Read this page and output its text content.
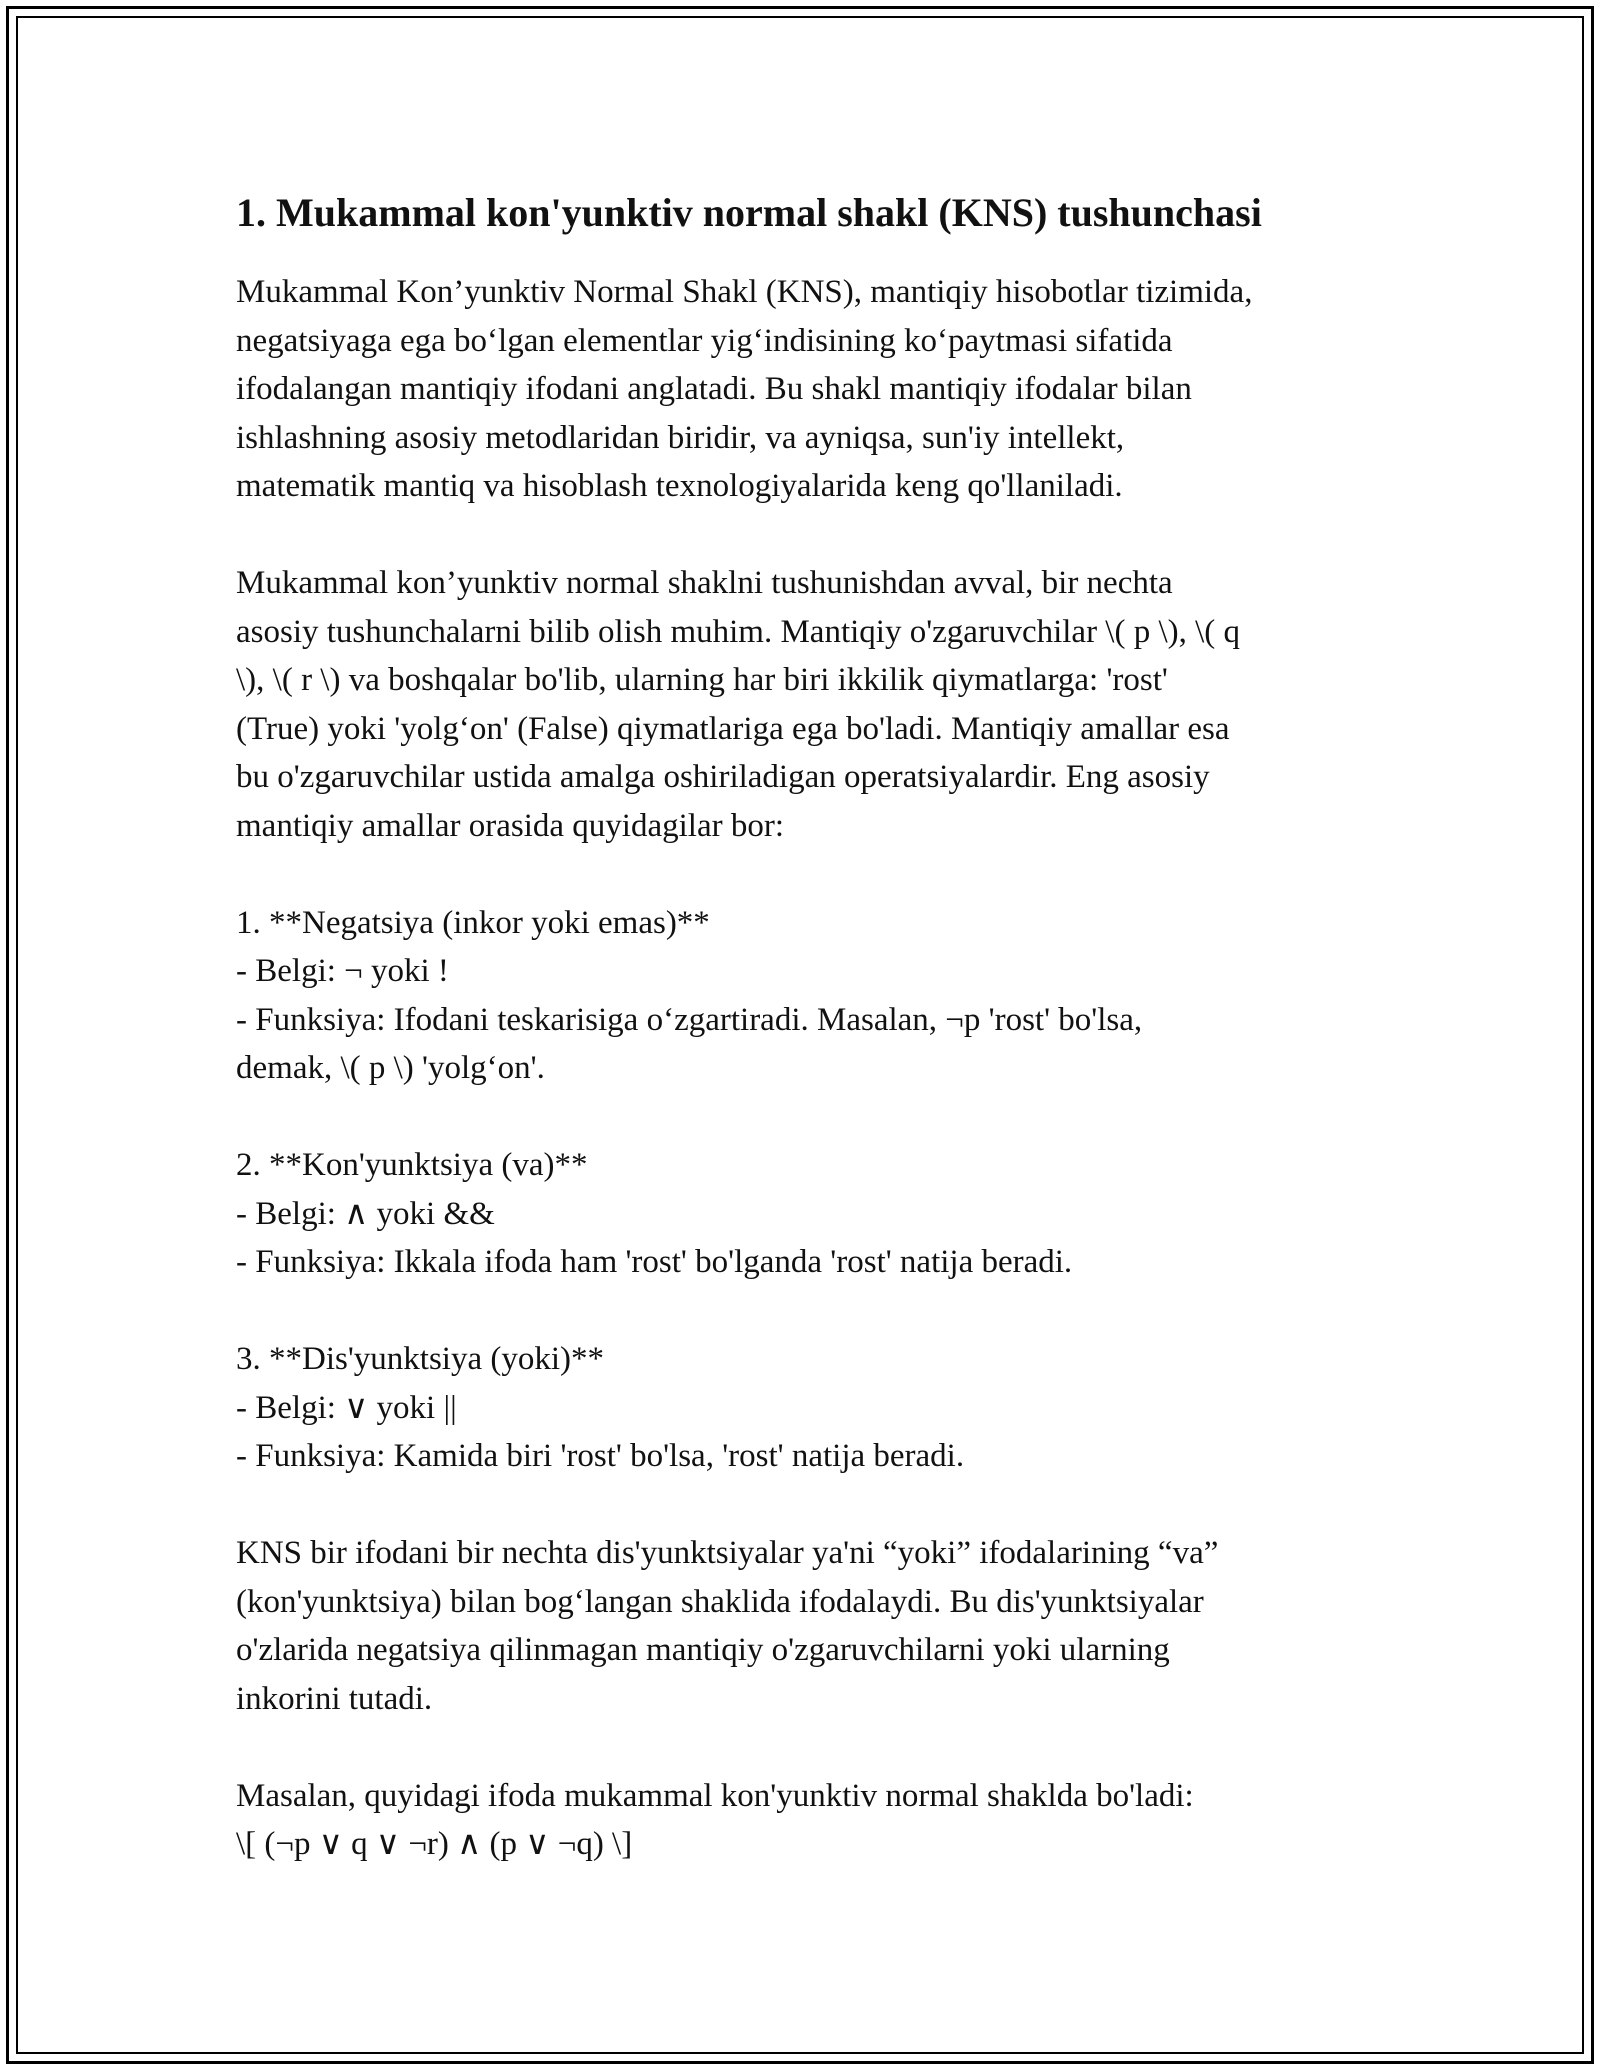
1. Mukammal kon'yunktiv normal shakl (KNS) tushunchasi

Mukammal Kon’yunktiv Normal Shakl (KNS), mantiqiy hisobotlar tizimida,
negatsiyaga ega bo‘lgan elementlar yig‘indisining ko‘paytmasi sifatida
ifodalangan mantiqiy ifodani anglatadi. Bu shakl mantiqiy ifodalar bilan
ishlashning asosiy metodlaridan biridir, va ayniqsa, sun'iy intellekt,
matematik mantiq va hisoblash texnologiyalarida keng qo'llaniladi.

Mukammal kon’yunktiv normal shaklni tushunishdan avval, bir nechta
asosiy tushunchalarni bilib olish muhim. Mantiqiy o'zgaruvchilar \( p \), \( q
\), \( r \) va boshqalar bo'lib, ularning har biri ikkilik qiymatlarga: 'rost'
(True) yoki 'yolg‘on' (False) qiymatlariga ega bo'ladi. Mantiqiy amallar esa
bu o'zgaruvchilar ustida amalga oshiriladigan operatsiyalardir. Eng asosiy
mantiqiy amallar orasida quyidagilar bor:

1. **Negatsiya (inkor yoki emas)**
- Belgi: ¬ yoki !
- Funksiya: Ifodani teskarisiga o‘zgartiradi. Masalan, ¬p 'rost' bo'lsa,
demak, \( p \) 'yolg‘on'.

2. **Kon'yunktsiya (va)**
- Belgi: ∧ yoki &&
- Funksiya: Ikkala ifoda ham 'rost' bo'lganda 'rost' natija beradi.

3. **Dis'yunktsiya (yoki)**
- Belgi: ∨ yoki ||
- Funksiya: Kamida biri 'rost' bo'lsa, 'rost' natija beradi.

KNS bir ifodani bir nechta dis'yunktsiyalar ya'ni “yoki” ifodalarining “va”
(kon'yunktsiya) bilan bog‘langan shaklida ifodalaydi. Bu dis'yunktsiyalar
o'zlarida negatsiya qilinmagan mantiqiy o'zgaruvchilarni yoki ularning
inkorini tutadi.

Masalan, quyidagi ifoda mukammal kon'yunktiv normal shaklda bo'ladi:
\[ (¬p ∨ q ∨ ¬r) ∧ (p ∨ ¬q) \]
